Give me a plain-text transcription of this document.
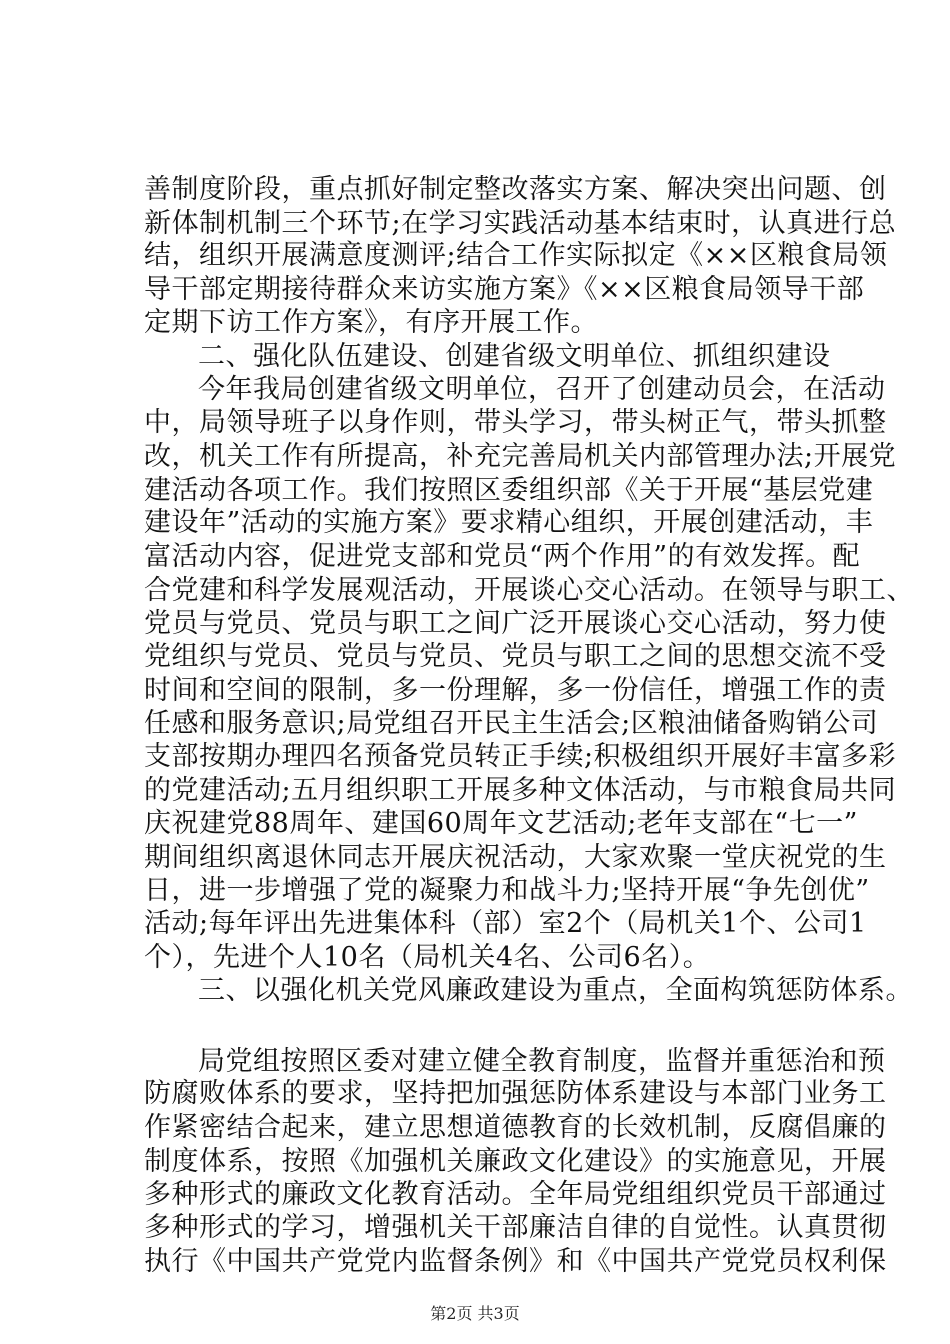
善制度阶段，重点抓好制定整改落实方案、解决突出问题、创

新体制机制三个环节;在学习实践活动基本结束时，认真进行总

结，组织开展满意度测评;结合工作实际拟定《××区粮食局领

导干部定期接待群众来访实施方案》《××区粮食局领导干部

定期下访工作方案》，有序开展工作。

二、强化队伍建设、创建省级文明单位、抓组织建设

今年我局创建省级文明单位，召开了创建动员会，在活动

中，局领导班子以身作则，带头学习，带头树正气，带头抓整

改，机关工作有所提高，补充完善局机关内部管理办法;开展党

建活动各项工作。我们按照区委组织部《关于开展“基层党建

建设年”活动的实施方案》要求精心组织，开展创建活动，丰

富活动内容，促进党支部和党员“两个作用”的有效发挥。配

合党建和科学发展观活动，开展谈心交心活动。在领导与职工、

党员与党员、党员与职工之间广泛开展谈心交心活动，努力使

党组织与党员、党员与党员、党员与职工之间的思想交流不受

时间和空间的限制，多一份理解，多一份信任，增强工作的责

任感和服务意识;局党组召开民主生活会;区粮油储备购销公司

支部按期办理四名预备党员转正手续;积极组织开展好丰富多彩

的党建活动;五月组织职工开展多种文体活动，与市粮食局共同

庆祝建党88周年、建国60周年文艺活动;老年支部在“七一”

期间组织离退休同志开展庆祝活动，大家欢聚一堂庆祝党的生

日，进一步增强了党的凝聚力和战斗力;坚持开展“争先创优”

活动;每年评出先进集体科（部）室2个（局机关1个、公司1

个），先进个人10名（局机关4名、公司6名）。

三、以强化机关党风廉政建设为重点，全面构筑惩防体系。

局党组按照区委对建立健全教育制度，监督并重惩治和预

防腐败体系的要求，坚持把加强惩防体系建设与本部门业务工

作紧密结合起来，建立思想道德教育的长效机制，反腐倡廉的

制度体系，按照《加强机关廉政文化建设》的实施意见，开展

多种形式的廉政文化教育活动。全年局党组组织党员干部通过

多种形式的学习，增强机关干部廉洁自律的自觉性。认真贯彻

执行《中国共产党党内监督条例》和《中国共产党党员权利保

第2页 共3页
